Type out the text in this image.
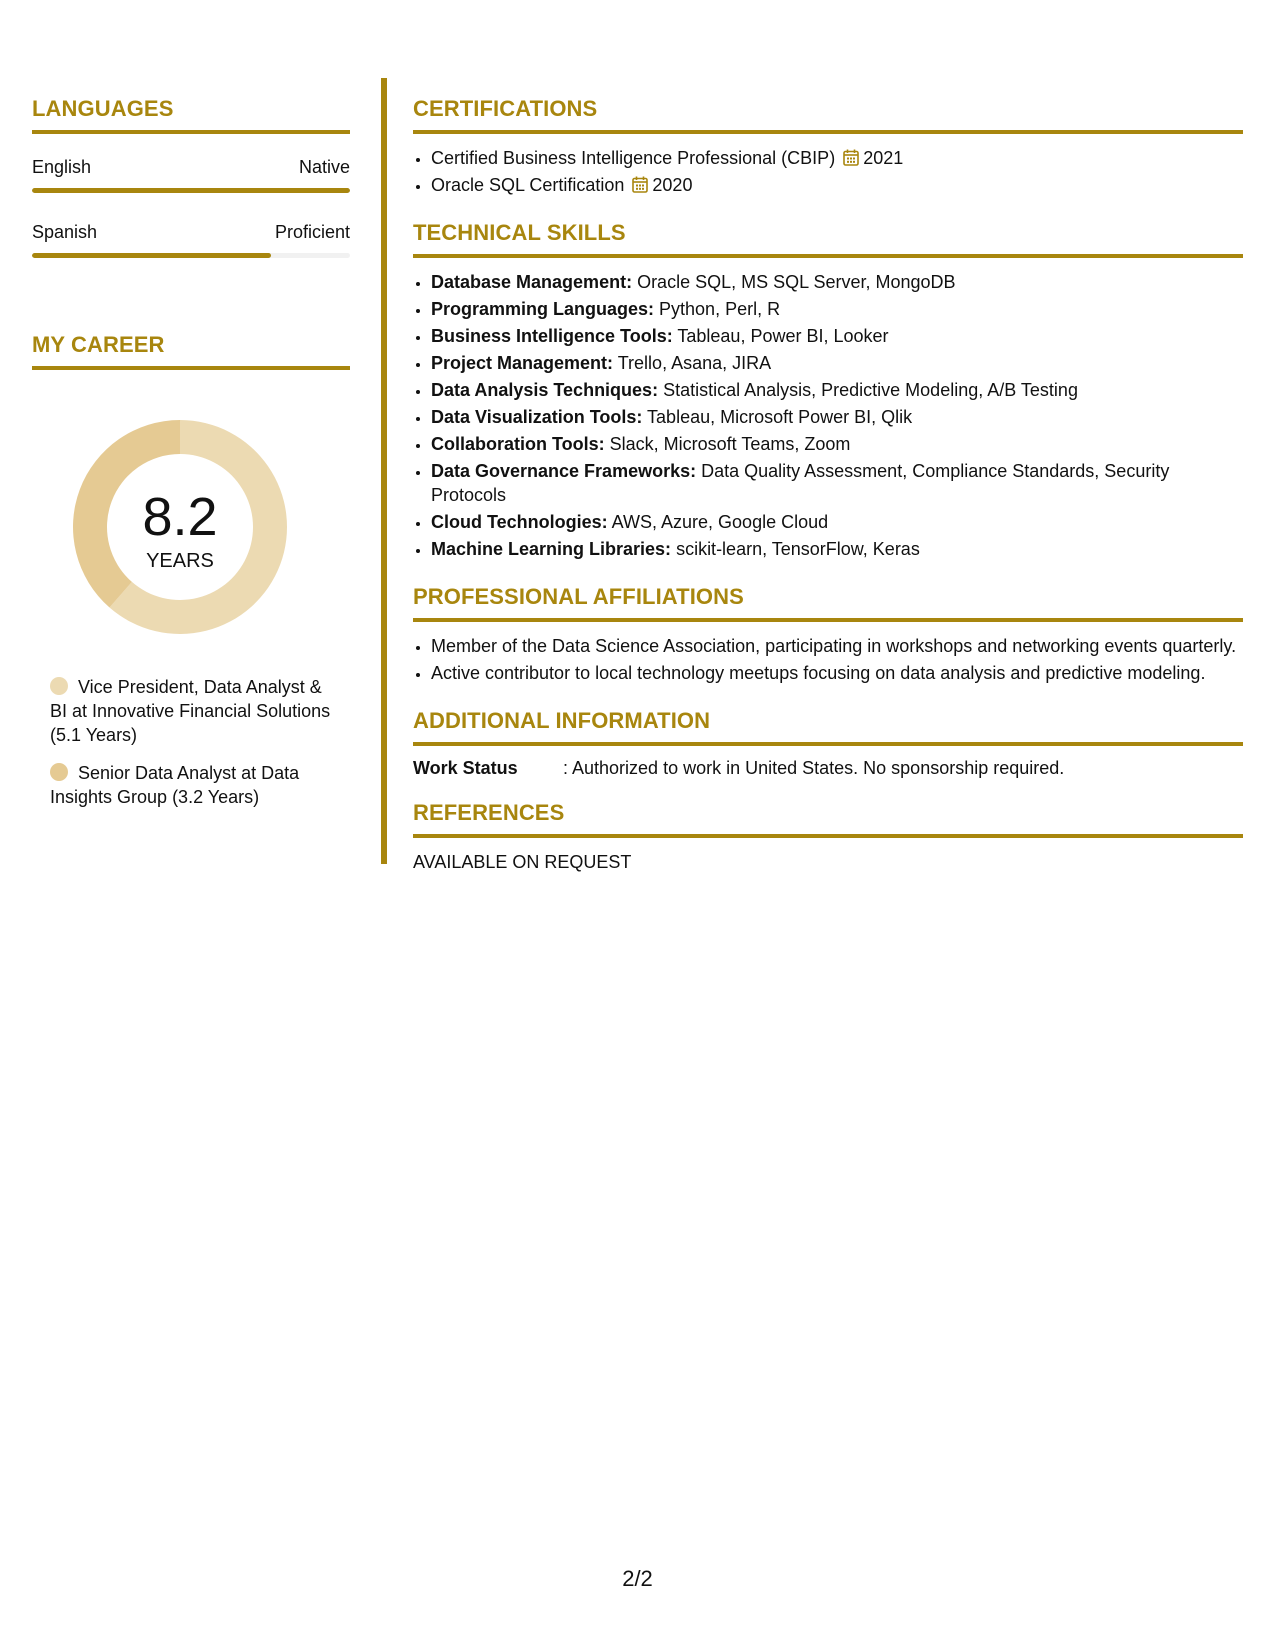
LANGUAGES
English	Native
Spanish	Proficient
MY CAREER
8.2
YEARS
Vice President, Data Analyst & BI at Innovative Financial Solutions (5.1 Years)
Senior Data Analyst at Data Insights Group (3.2 Years)
CERTIFICATIONS
• Certified Business Intelligence Professional (CBIP) 2021
• Oracle SQL Certification 2020
TECHNICAL SKILLS
• Database Management: Oracle SQL, MS SQL Server, MongoDB
• Programming Languages: Python, Perl, R
• Business Intelligence Tools: Tableau, Power BI, Looker
• Project Management: Trello, Asana, JIRA
• Data Analysis Techniques: Statistical Analysis, Predictive Modeling, A/B Testing
• Data Visualization Tools: Tableau, Microsoft Power BI, Qlik
• Collaboration Tools: Slack, Microsoft Teams, Zoom
• Data Governance Frameworks: Data Quality Assessment, Compliance Standards, Security Protocols
• Cloud Technologies: AWS, Azure, Google Cloud
• Machine Learning Libraries: scikit-learn, TensorFlow, Keras
PROFESSIONAL AFFILIATIONS
• Member of the Data Science Association, participating in workshops and networking events quarterly.
• Active contributor to local technology meetups focusing on data analysis and predictive modeling.
ADDITIONAL INFORMATION
Work Status	: Authorized to work in United States. No sponsorship required.
REFERENCES
AVAILABLE ON REQUEST
2/2
